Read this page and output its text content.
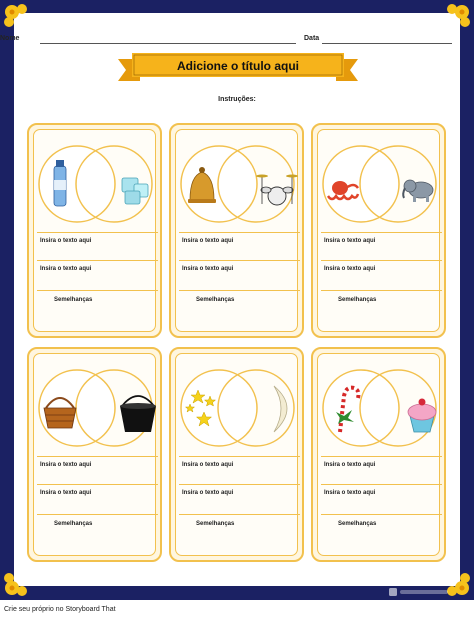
Nome	Data
Adicione o título aqui
Instruções:
Insira o texto aqui
Insira o texto aqui
Semelhanças
Insira o texto aqui
Insira o texto aqui
Semelhanças
Insira o texto aqui
Insira o texto aqui
Semelhanças
Insira o texto aqui
Insira o texto aqui
Semelhanças
Insira o texto aqui
Insira o texto aqui
Semelhanças
Insira o texto aqui
Insira o texto aqui
Semelhanças
Crie seu próprio no Storyboard That
